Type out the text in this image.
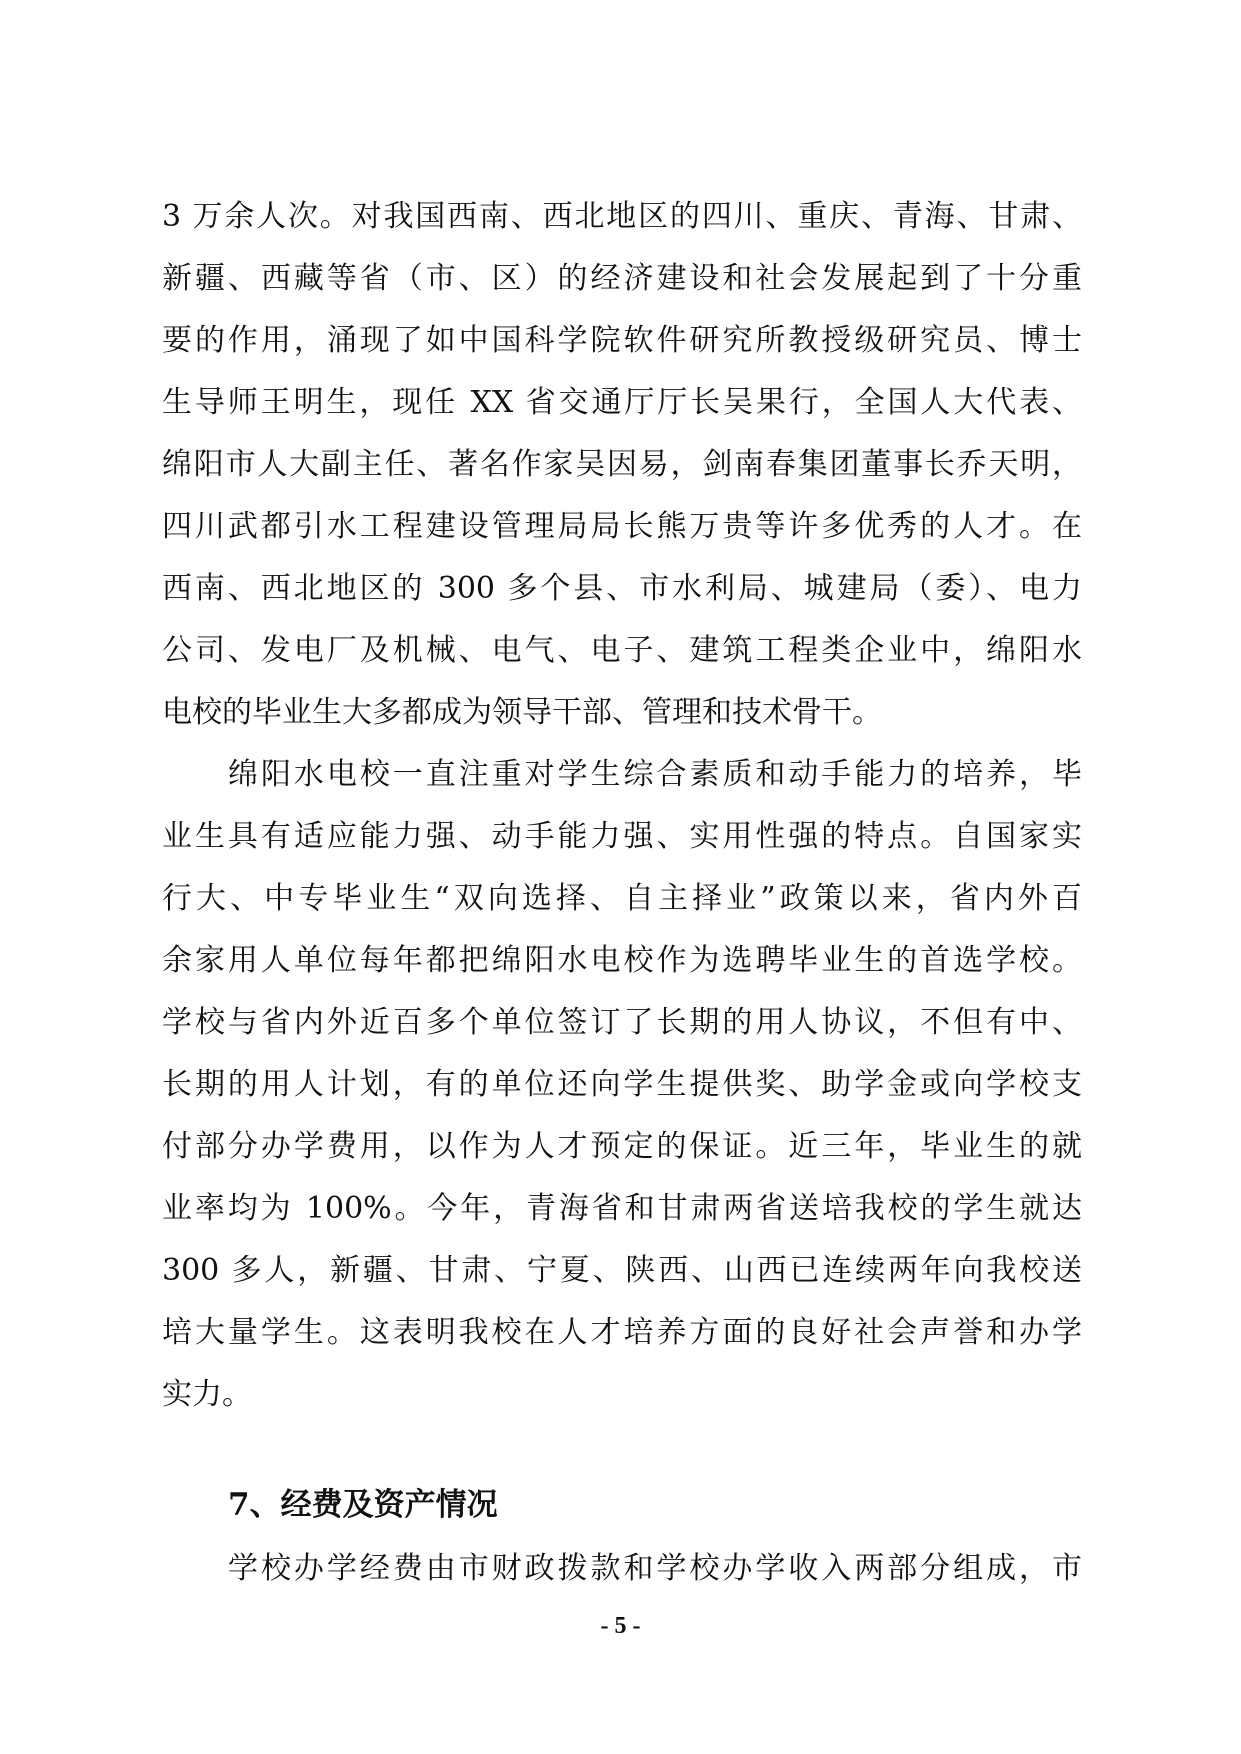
3 万余人次。对我国西南、西北地区的四川、重庆、青海、甘肃、
新疆、西藏等省（市、区）的经济建设和社会发展起到了十分重
要的作用，涌现了如中国科学院软件研究所教授级研究员、博士
生导师王明生，现任 XX 省交通厅厅长吴果行，全国人大代表、
绵阳市人大副主任、著名作家吴因易，剑南春集团董事长乔天明，
四川武都引水工程建设管理局局长熊万贵等许多优秀的人才。在
西南、西北地区的 300 多个县、市水利局、城建局（委）、电力
公司、发电厂及机械、电气、电子、建筑工程类企业中，绵阳水
电校的毕业生大多都成为领导干部、管理和技术骨干。
绵阳水电校一直注重对学生综合素质和动手能力的培养，毕
业生具有适应能力强、动手能力强、实用性强的特点。自国家实
行大、中专毕业生“双向选择、自主择业”政策以来，省内外百
余家用人单位每年都把绵阳水电校作为选聘毕业生的首选学校。
学校与省内外近百多个单位签订了长期的用人协议，不但有中、
长期的用人计划，有的单位还向学生提供奖、助学金或向学校支
付部分办学费用，以作为人才预定的保证。近三年，毕业生的就
业率均为 100%。今年，青海省和甘肃两省送培我校的学生就达
300 多人，新疆、甘肃、宁夏、陕西、山西已连续两年向我校送
培大量学生。这表明我校在人才培养方面的良好社会声誉和办学
实力。
7、经费及资产情况
学校办学经费由市财政拨款和学校办学收入两部分组成，市
- 5 -
